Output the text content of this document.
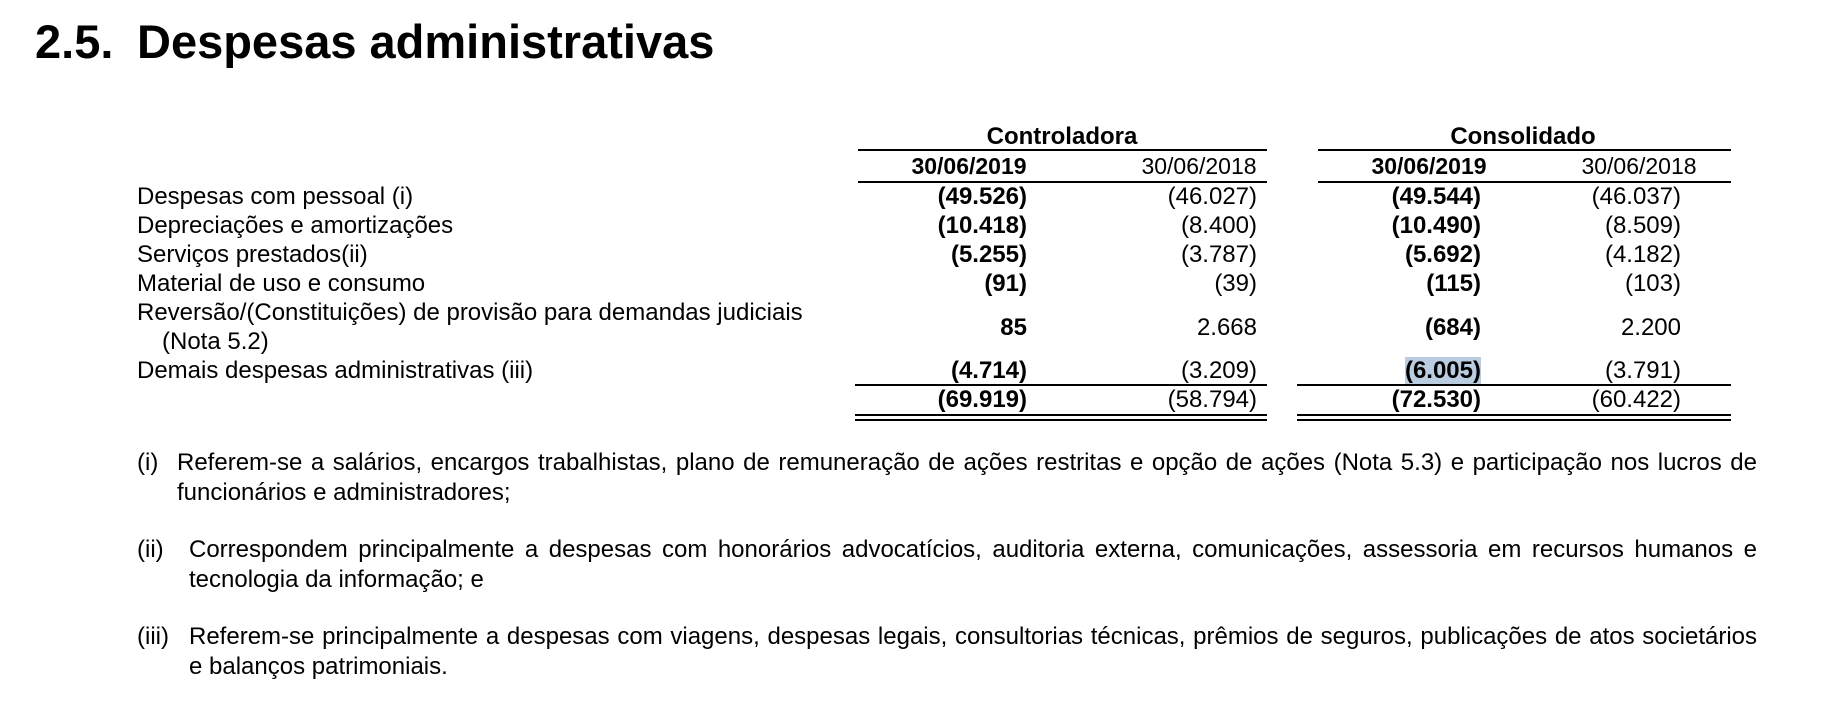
2.5. Despesas administrativas
Controladora	Consolidado
30/06/2019	30/06/2018	30/06/2019	30/06/2018
Despesas com pessoal (i)	(49.526)	(46.027)	(49.544)	(46.037)
Depreciações e amortizações	(10.418)	(8.400)	(10.490)	(8.509)
Serviços prestados(ii)	(5.255)	(3.787)	(5.692)	(4.182)
Material de uso e consumo	(91)	(39)	(115)	(103)
Reversão/(Constituições) de provisão para demandas judiciais
(Nota 5.2)
85	2.668	(684)	2.200
Demais despesas administrativas (iii)	(4.714)	(3.209)	(6.005)	(3.791)
(69.919)	(58.794)	(72.530)	(60.422)
(i) Referem-se a salários, encargos trabalhistas, plano de remuneração de ações restritas e opção de ações (Nota 5.3) e participação nos lucros de funcionários e administradores;
(ii)	Correspondem principalmente a despesas com honorários advocatícios, auditoria externa, comunicações, assessoria em recursos humanos e tecnologia da informação; e
(iii) Referem-se principalmente a despesas com viagens, despesas legais, consultorias técnicas, prêmios de seguros, publicações de atos societários e balanços patrimoniais.
